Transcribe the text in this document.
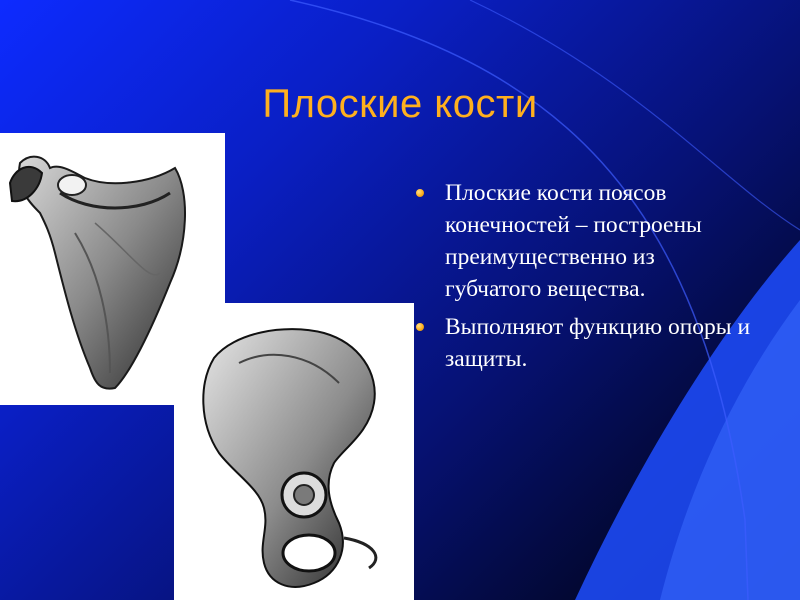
Плоские кости
Плоские кости поясов конечностей – построены преимущественно из губчатого вещества.
Выполняют функцию опоры и защиты.
